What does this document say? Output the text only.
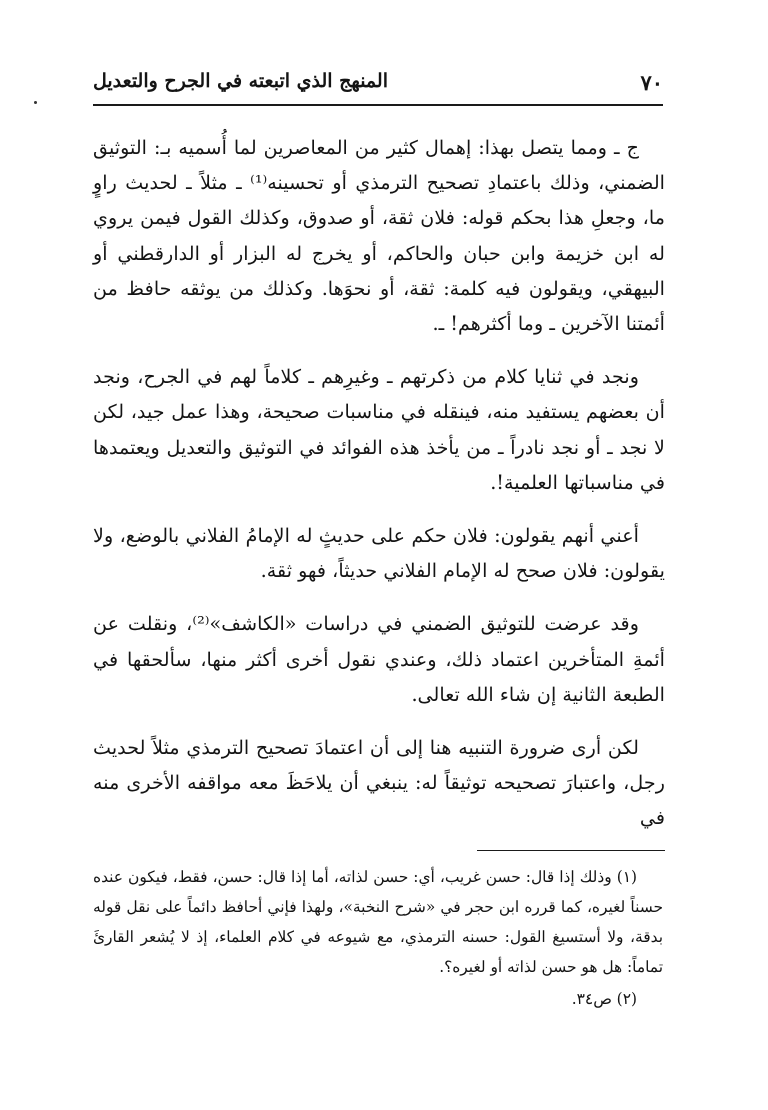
٧٠
المنهج الذي اتبعته في الجرح والتعديل

ج ـ ومما يتصل بهذا: إهمال كثير من المعاصرين لما أُسميه بـ: التوثيق الضمني، وذلك باعتمادِ تصحيح الترمذي أو تحسينه⁽¹⁾ ـ مثلاً ـ لحديث راوٍ ما، وجعلِ هذا بحكم قوله: فلان ثقة، أو صدوق، وكذلك القول فيمن يروي له ابن خزيمة وابن حبان والحاكم، أو يخرج له البزار أو الدارقطني أو البيهقي، ويقولون فيه كلمة: ثقة، أو نحوَها. وكذلك من يوثقه حافظ من أئمتنا الآخرين ـ وما أكثرهم! ـ.

ونجد في ثنايا كلام من ذكرتهم ـ وغيرِهم ـ كلاماً لهم في الجرح، ونجد أن بعضهم يستفيد منه، فينقله في مناسبات صحيحة، وهذا عمل جيد، لكن لا نجد ـ أو نجد نادراً ـ من يأخذ هذه الفوائد في التوثيق والتعديل ويعتمدها في مناسباتها العلمية!.

أعني أنهم يقولون: فلان حكم على حديثٍ له الإمامُ الفلاني بالوضع، ولا يقولون: فلان صحح له الإمام الفلاني حديثاً، فهو ثقة.

وقد عرضت للتوثيق الضمني في دراسات «الكاشف»⁽²⁾، ونقلت عن أئمةِ المتأخرين اعتماد ذلك، وعندي نقول أخرى أكثر منها، سألحقها في الطبعة الثانية إن شاء الله تعالى.

لكن أرى ضرورة التنبيه هنا إلى أن اعتمادَ تصحيح الترمذي مثلاً لحديث رجل، واعتبارَ تصحيحه توثيقاً له: ينبغي أن يلاحَظَ معه مواقفه الأخرى منه في

(١) وذلك إذا قال: حسن غريب، أي: حسن لذاته، أما إذا قال: حسن، فقط، فيكون عنده حسناً لغيره، كما قرره ابن حجر في «شرح النخبة»، ولهذا فإني أحافظ دائماً على نقل قوله بدقة، ولا أستسيغ القول: حسنه الترمذي، مع شيوعه في كلام العلماء، إذ لا يُشعر القارئَ تماماً: هل هو حسن لذاته أو لغيره؟.

(٢) ص٣٤.
